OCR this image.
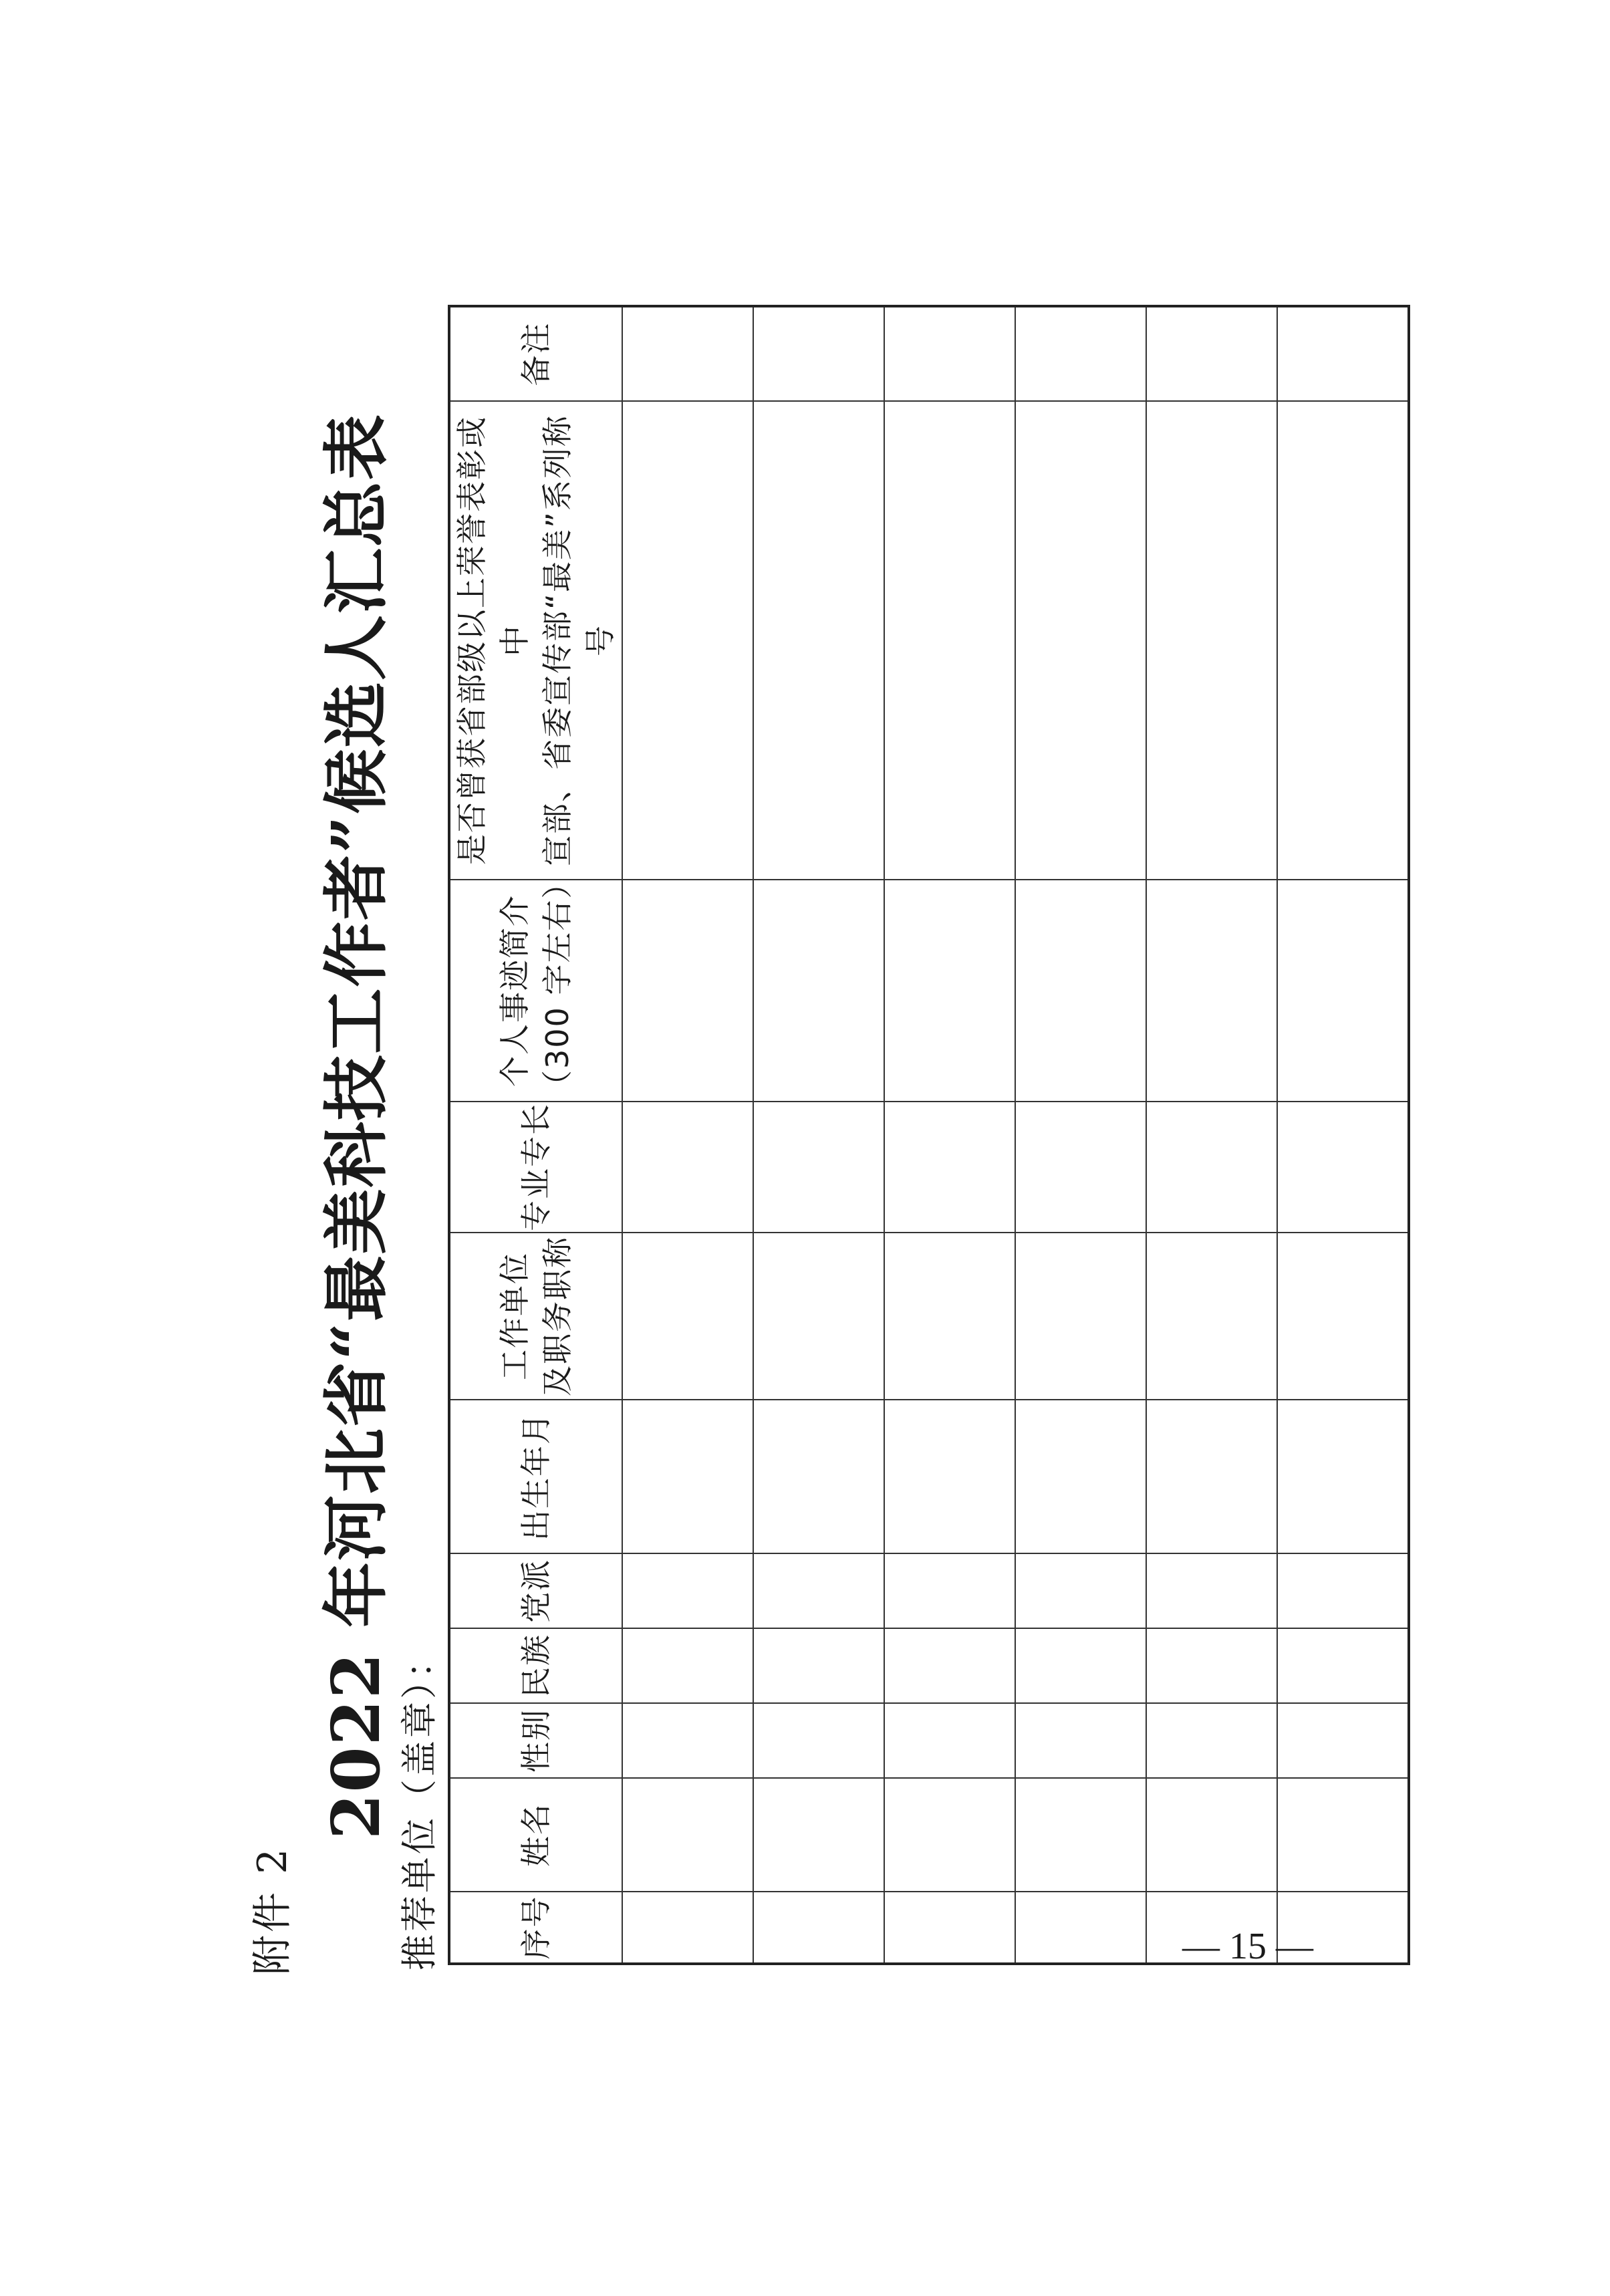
附件 2
2022 年河北省“最美科技工作者”候选人汇总表 推荐单位（盖章）：	序号	姓名	性别	民族	党派	出生年月	工作单位 及职务职称	专业专长	个人事迹简介 （300 字左右）	是否曾获省部级以上荣誉表彰或中 宣部、省委宣传部“最美”系列称号	备注

— 15 —
